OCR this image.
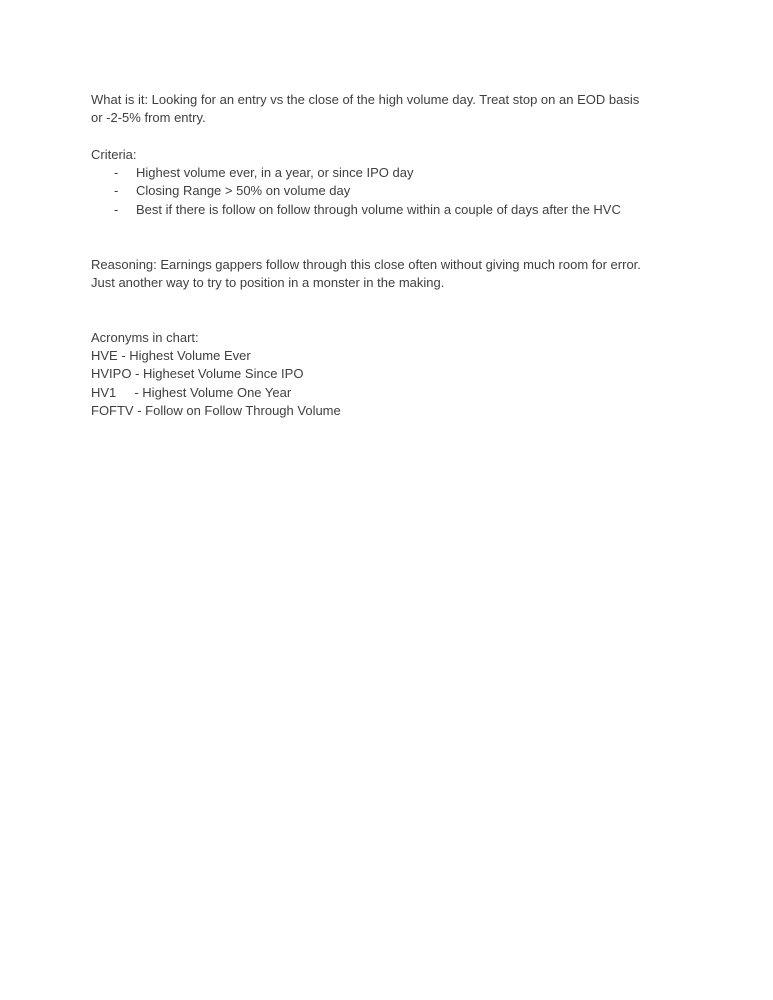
What is it: Looking for an entry vs the close of the high volume day. Treat stop on an EOD basis
or -2-5% from entry.

Criteria:
- Highest volume ever, in a year, or since IPO day
- Closing Range > 50% on volume day
- Best if there is follow on follow through volume within a couple of days after the HVC

Reasoning: Earnings gappers follow through this close often without giving much room for error.
Just another way to try to position in a monster in the making.

Acronyms in chart:
HVE - Highest Volume Ever
HVIPO - Higheset Volume Since IPO
HV1     - Highest Volume One Year
FOFTV - Follow on Follow Through Volume
